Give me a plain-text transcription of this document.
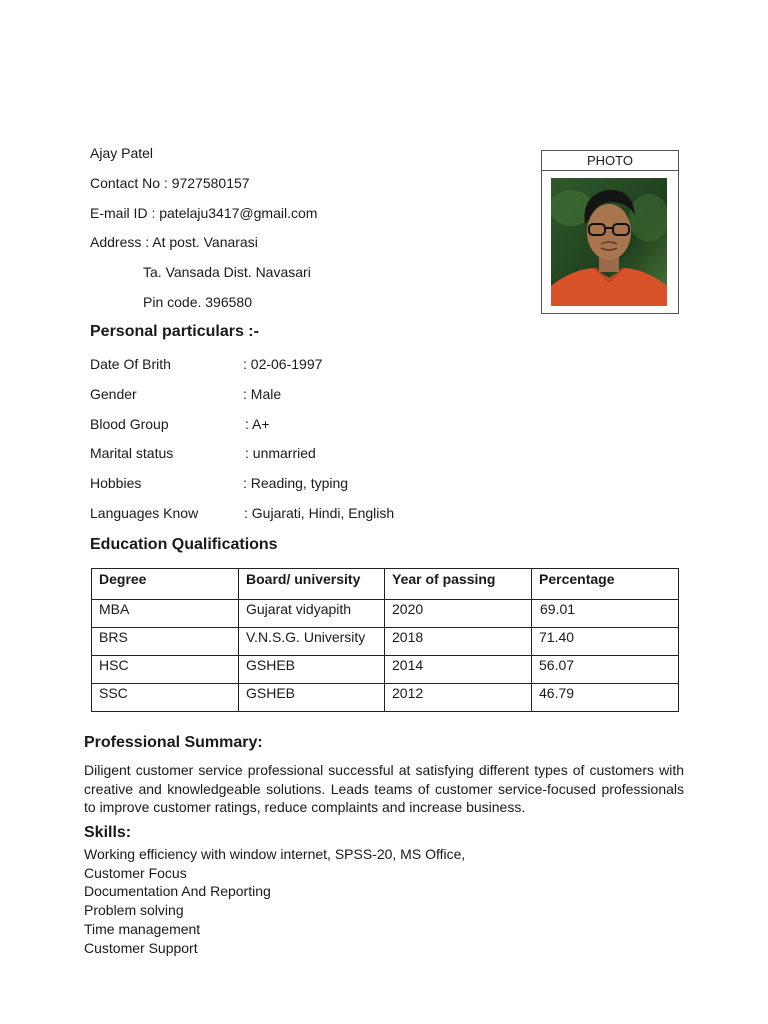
Ajay Patel
Contact No : 9727580157
E-mail ID : patelaju3417@gmail.com
Address : At post. Vanarasi
Ta. Vansada Dist. Navasari
Pin code. 396580
PHOTO
Personal particulars :-
Date Of Brith	: 02-06-1997
Gender	: Male
Blood Group	: A+
Marital status	: unmarried
Hobbies	: Reading, typing
Languages Know	: Gujarati, Hindi, English
Education Qualifications
Degree	Board/ university	Year of passing	Percentage
MBA	Gujarat vidyapith	2020	69.01
BRS	V.N.S.G. University	2018	71.40
HSC	GSHEB	2014	56.07
SSC	GSHEB	2012	46.79
Professional Summary:
Diligent customer service professional successful at satisfying different types of customers with creative and knowledgeable solutions. Leads teams of customer service-focused professionals to improve customer ratings, reduce complaints and increase business.
Skills:
Working efficiency with window internet, SPSS-20, MS Office,
Customer Focus
Documentation And Reporting
Problem solving
Time management
Customer Support
